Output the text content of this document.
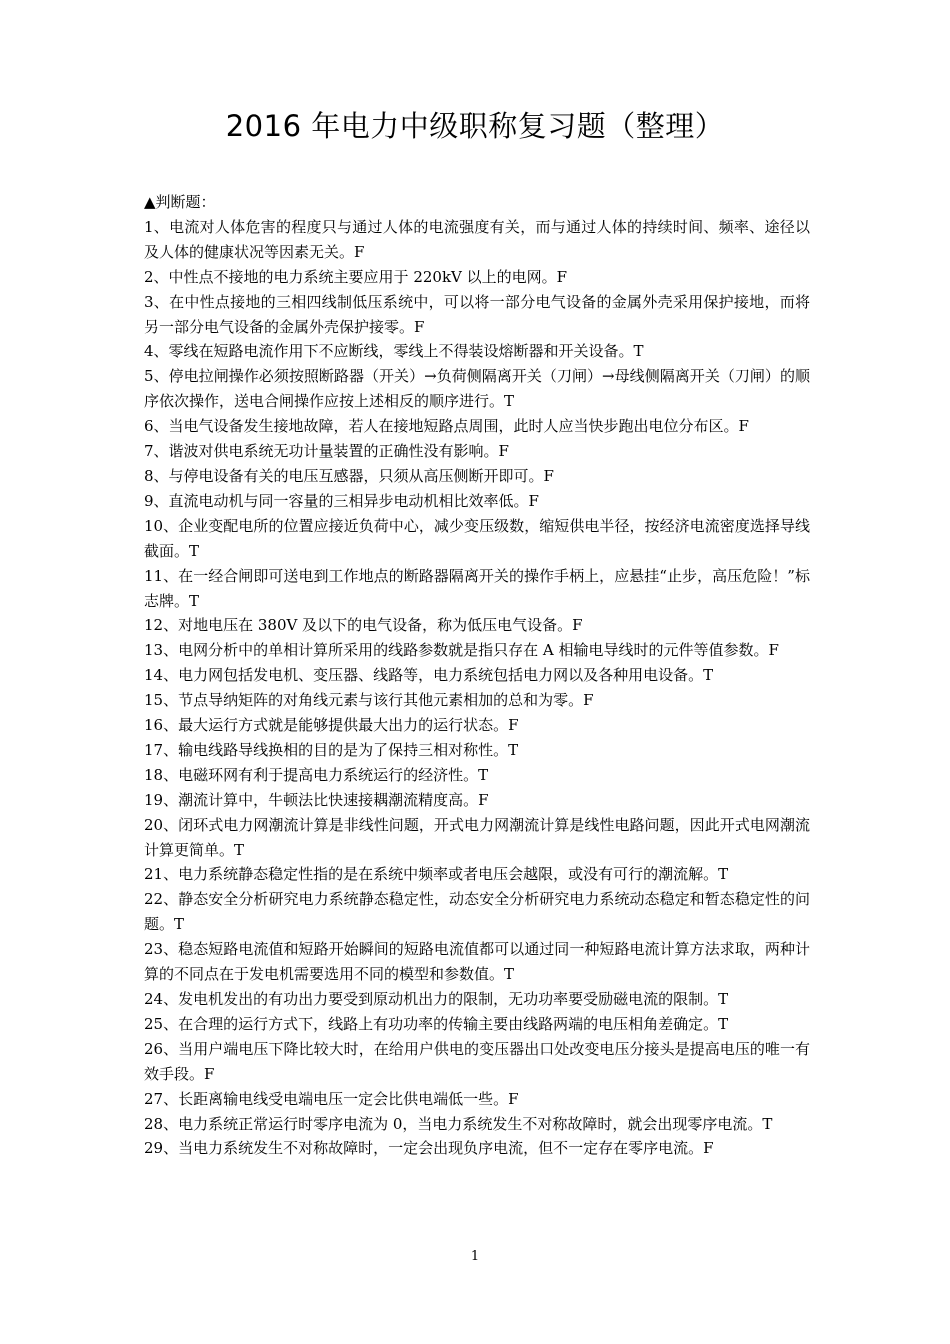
2016 年电力中级职称复习题（整理）
▲判断题：

1、电流对人体危害的程度只与通过人体的电流强度有关，而与通过人体的持续时间、频率、途径以及人体的健康状况等因素无关。F

2、中性点不接地的电力系统主要应用于 220kV 以上的电网。F

3、在中性点接地的三相四线制低压系统中，可以将一部分电气设备的金属外壳采用保护接地，而将另一部分电气设备的金属外壳保护接零。F

4、零线在短路电流作用下不应断线，零线上不得装设熔断器和开关设备。T

5、停电拉闸操作必须按照断路器（开关）→负荷侧隔离开关（刀闸）→母线侧隔离开关（刀闸）的顺序依次操作，送电合闸操作应按上述相反的顺序进行。T

6、当电气设备发生接地故障，若人在接地短路点周围，此时人应当快步跑出电位分布区。F

7、谐波对供电系统无功计量装置的正确性没有影响。F

8、与停电设备有关的电压互感器，只须从高压侧断开即可。F

9、直流电动机与同一容量的三相异步电动机相比效率低。F

10、企业变配电所的位置应接近负荷中心，减少变压级数，缩短供电半径，按经济电流密度选择导线截面。T

11、在一经合闸即可送电到工作地点的断路器隔离开关的操作手柄上，应悬挂“止步，高压危险！”标志牌。T

12、对地电压在 380V 及以下的电气设备，称为低压电气设备。F

13、电网分析中的单相计算所采用的线路参数就是指只存在 A 相输电导线时的元件等值参数。F

14、电力网包括发电机、变压器、线路等，电力系统包括电力网以及各种用电设备。T

15、节点导纳矩阵的对角线元素与该行其他元素相加的总和为零。F

16、最大运行方式就是能够提供最大出力的运行状态。F

17、输电线路导线换相的目的是为了保持三相对称性。T

18、电磁环网有利于提高电力系统运行的经济性。T

19、潮流计算中，牛顿法比快速接耦潮流精度高。F

20、闭环式电力网潮流计算是非线性问题，开式电力网潮流计算是线性电路问题，因此开式电网潮流计算更简单。T

21、电力系统静态稳定性指的是在系统中频率或者电压会越限，或没有可行的潮流解。T

22、静态安全分析研究电力系统静态稳定性，动态安全分析研究电力系统动态稳定和暂态稳定性的问题。T

23、稳态短路电流值和短路开始瞬间的短路电流值都可以通过同一种短路电流计算方法求取，两种计算的不同点在于发电机需要选用不同的模型和参数值。T

24、发电机发出的有功出力要受到原动机出力的限制，无功功率要受励磁电流的限制。T

25、在合理的运行方式下，线路上有功功率的传输主要由线路两端的电压相角差确定。T

26、当用户端电压下降比较大时，在给用户供电的变压器出口处改变电压分接头是提高电压的唯一有效手段。F

27、长距离输电线受电端电压一定会比供电端低一些。F

28、电力系统正常运行时零序电流为 0，当电力系统发生不对称故障时，就会出现零序电流。T

29、当电力系统发生不对称故障时，一定会出现负序电流，但不一定存在零序电流。F

1
